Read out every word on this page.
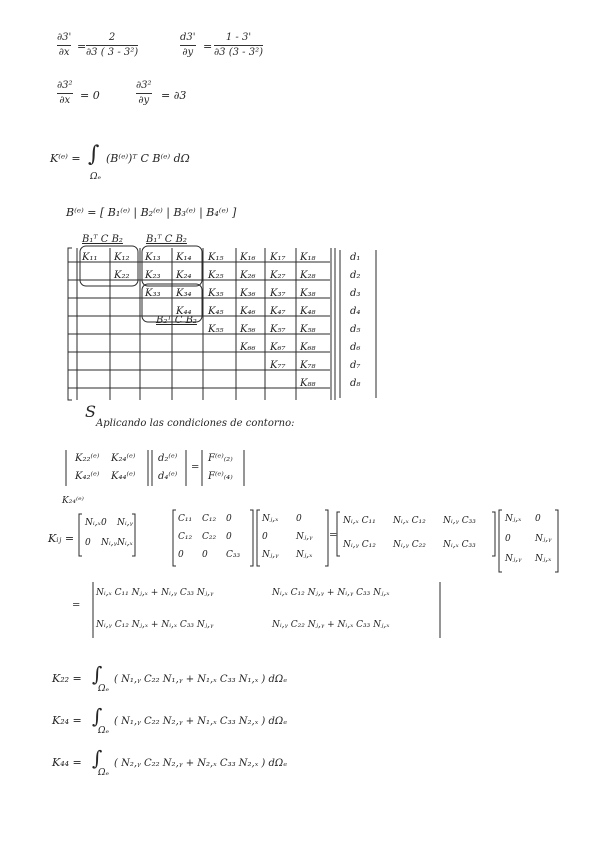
∂3'
∂x =
2
∂3 ( 3 - 3²)
d3'
∂y =
1 - 3'
∂3 (3 - 3²)
∂3²
∂x = 0
∂3²
∂y = ∂3
K⁽ᵉ⁾ = ∫
Ωₑ
(B⁽ᵉ⁾)ᵀ C B⁽ᵉ⁾ dΩ
B⁽ᵉ⁾ = [ B₁⁽ᵉ⁾ | B₂⁽ᵉ⁾ | B₃⁽ᵉ⁾ | B₄⁽ᵉ⁾ ]
B₁ᵀ C B₂ B₁ᵀ C B₂
B₂ᵀ C B₂
K₁₁ K₁₂ K₁₃ K₁₄ K₁₅ K₁₆ K₁₇ K₁₈
K₂₂ K₂₃ K₂₄ K₂₅ K₂₆ K₂₇ K₂₈
K₃₃ K₃₄ K₃₅ K₃₆ K₃₇ K₃₈
K₄₄ K₄₅ K₄₆ K₄₇ K₄₈
K₅₅ K₅₆ K₅₇ K₅₈
K₆₆ K₆₇ K₆₈
K₇₇ K₇₈
K₈₈
d₁
d₂
d₃
d₄
d₅
d₆
d₇
d₈
S
Aplicando las condiciones de contorno:
K₂₂⁽ᵉ⁾ K₂₄⁽ᵉ⁾
K₄₂⁽ᵉ⁾ K₄₄⁽ᵉ⁾
d₂⁽ᵉ⁾
d₄⁽ᵉ⁾
=
F⁽ᵉ⁾₍₂₎
F⁽ᵉ⁾₍₄₎
K₂₄⁽ᵉ⁾
Kᵢⱼ =
Nᵢ,ₓ 0 Nᵢ,ᵧ
0 Nᵢ,ᵧ Nᵢ,ₓ
C₁₁ C₁₂ 0
C₁₂ C₂₂ 0
0 0 C₃₃
Nⱼ,ₓ 0
0	Nⱼ,ᵧ
Nⱼ,ᵧ Nⱼ,ₓ
Nᵢ,ₓ C₁₁ Nᵢ,ₓ C₁₂ Nᵢ,ᵧ C₃₃
Nᵢ,ᵧ C₁₂ Nᵢ,ᵧ C₂₂ Nᵢ,ₓ C₃₃
Nⱼ,ₓ 0
0	Nⱼ,ᵧ
Nⱼ,ᵧ Nⱼ,ₓ
=
=
Nᵢ,ₓ C₁₁ Nⱼ,ₓ + Nᵢ,ᵧ C₃₃ Nⱼ,ᵧ	Nᵢ,ₓ C₁₂ Nⱼ,ᵧ + Nᵢ,ᵧ C₃₃ Nⱼ,ₓ
Nᵢ,ᵧ C₁₂ Nⱼ,ₓ + Nᵢ,ₓ C₃₃ Nⱼ,ᵧ	Nᵢ,ᵧ C₂₂ Nⱼ,ᵧ + Nᵢ,ₓ C₃₃ Nⱼ,ₓ
K₂₂ = ∫
Ωₑ
( N₁,ᵧ C₂₂ N₁,ᵧ + N₁,ₓ C₃₃ N₁,ₓ ) dΩₑ
K₂₄ = ∫
Ωₑ
( N₁,ᵧ C₂₂ N₂,ᵧ + N₁,ₓ C₃₃ N₂,ₓ ) dΩₑ
K₄₄ = ∫
Ωₑ
( N₂,ᵧ C₂₂ N₂,ᵧ + N₂,ₓ C₃₃ N₂,ₓ ) dΩₑ
